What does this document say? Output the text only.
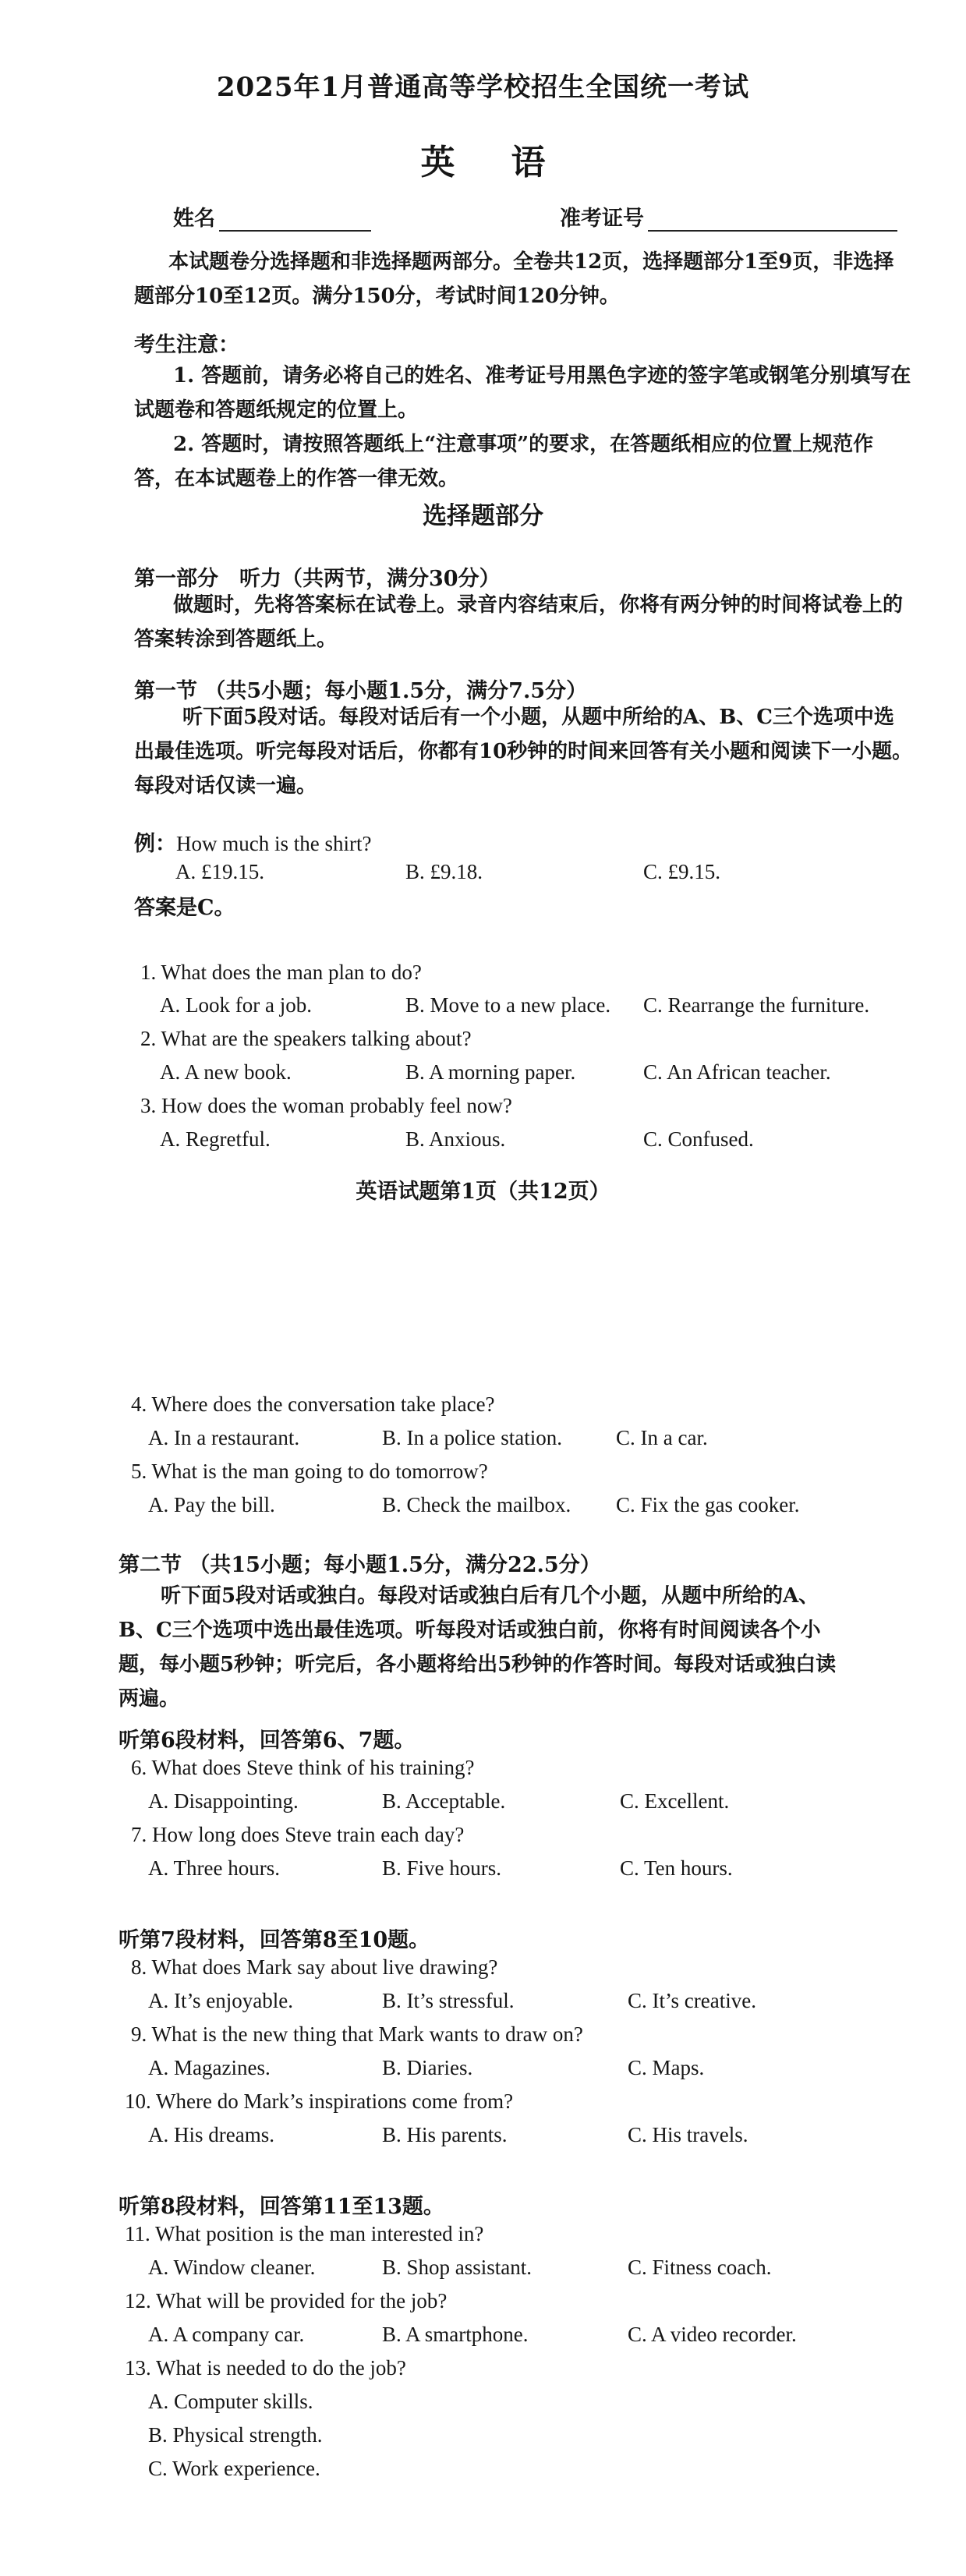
2025年1月普通高等学校招生全国统一考试
英语
姓名	准考证号
本试题卷分选择题和非选择题两部分。全卷共12页，选择题部分1至9页，非选择题部分10至12页。满分150分，考试时间120分钟。
考生注意：
1. 答题前，请务必将自己的姓名、准考证号用黑色字迹的签字笔或钢笔分别填写在试题卷和答题纸规定的位置上。
2. 答题时，请按照答题纸上“注意事项”的要求，在答题纸相应的位置上规范作答，在本试题卷上的作答一律无效。
选择题部分
第一部分　听力（共两节，满分30分）
做题时，先将答案标在试卷上。录音内容结束后，你将有两分钟的时间将试卷上的答案转涂到答题纸上。
第一节 （共5小题；每小题1.5分，满分7.5分）
听下面5段对话。每段对话后有一个小题，从题中所给的A、B、C三个选项中选出最佳选项。听完每段对话后，你都有10秒钟的时间来回答有关小题和阅读下一小题。每段对话仅读一遍。
例：How much is the shirt?
A. £19.15.	B. £9.18.	C. £9.15.
答案是C。
1. What does the man plan to do?
A. Look for a job.	B. Move to a new place. C. Rearrange the furniture.
2. What are the speakers talking about?
A. A new book.	B. A morning paper.	C. An African teacher.
3. How does the woman probably feel now?
A. Regretful.	B. Anxious.	C. Confused.
英语试题第1页（共12页）
4. Where does the conversation take place?
A. In a restaurant.	B. In a police station.	C. In a car.
5. What is the man going to do tomorrow?
A. Pay the bill.	B. Check the mailbox. C. Fix the gas cooker.
第二节 （共15小题；每小题1.5分，满分22.5分）
听下面5段对话或独白。每段对话或独白后有几个小题，从题中所给的A、B、C三个选项中选出最佳选项。听每段对话或独白前，你将有时间阅读各个小题，每小题5秒钟；听完后，各小题将给出5秒钟的作答时间。每段对话或独白读两遍。
听第6段材料，回答第6、7题。
6. What does Steve think of his training?
A. Disappointing.	B. Acceptable.	C. Excellent.
7. How long does Steve train each day?
A. Three hours.	B. Five hours.	C. Ten hours.
听第7段材料，回答第8至10题。
8. What does Mark say about live drawing?
A. It’s enjoyable.	B. It’s stressful.	C. It’s creative.
9. What is the new thing that Mark wants to draw on?
A. Magazines.	B. Diaries.	C. Maps.
10. Where do Mark’s inspirations come from?
A. His dreams.	B. His parents.	C. His travels.
听第8段材料，回答第11至13题。
11. What position is the man interested in?
A. Window cleaner.	B. Shop assistant.	C. Fitness coach.
12. What will be provided for the job?
A. A company car.	B. A smartphone.	C. A video recorder.
13. What is needed to do the job?
A. Computer skills.
B. Physical strength.
C. Work experience.
